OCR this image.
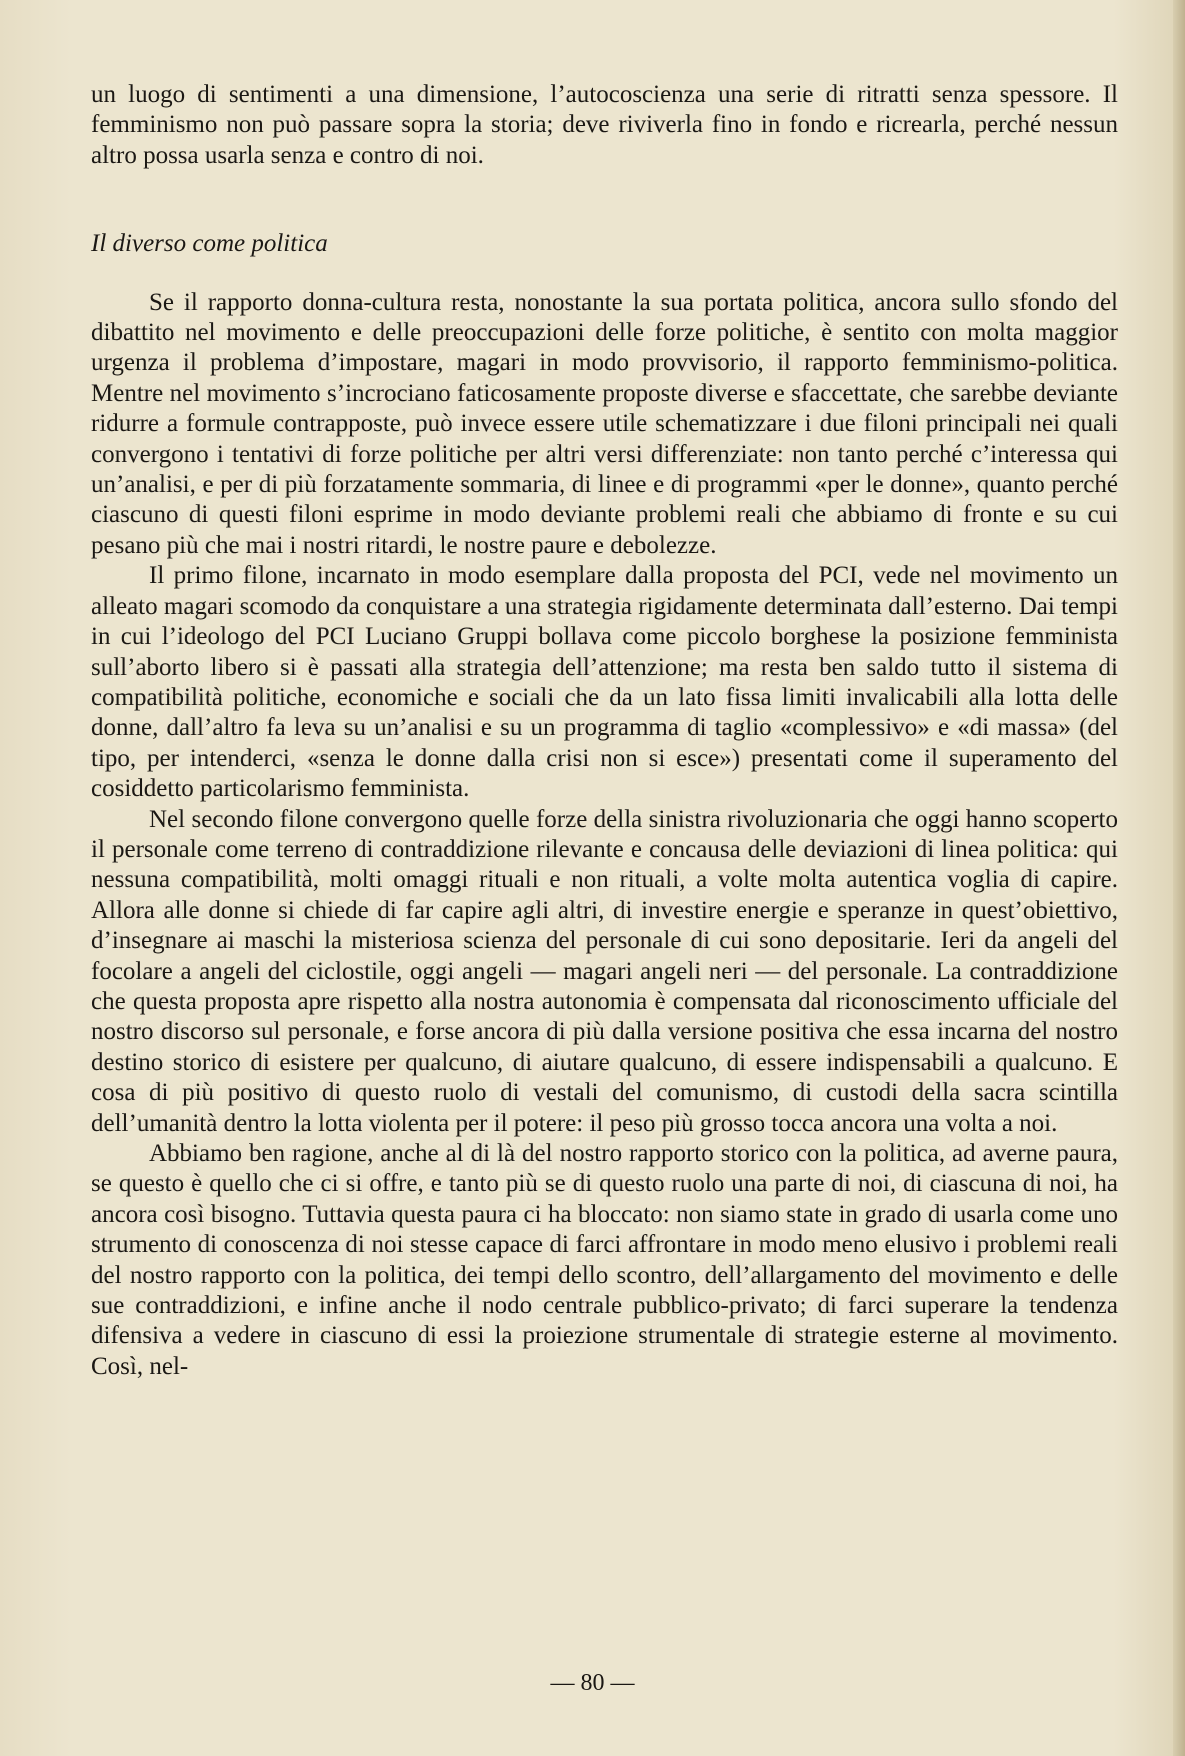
un luogo di sentimenti a una dimensione, l’autocoscienza una serie di ritratti senza spessore. Il femminismo non può passare sopra la storia; deve riviverla fino in fondo e ricrearla, perché nessun altro possa usarla senza e contro di noi.

Il diverso come politica

Se il rapporto donna-cultura resta, nonostante la sua portata politica, ancora sullo sfondo del dibattito nel movimento e delle preoccupazioni delle forze politiche, è sentito con molta maggior urgenza il problema d’impostare, magari in modo provvisorio, il rapporto femminismo-politica. Mentre nel movimento s’incrociano faticosamente proposte diverse e sfaccettate, che sarebbe deviante ridurre a formule contrapposte, può invece essere utile schematizzare i due filoni principali nei quali convergono i tentativi di forze politiche per altri versi differenziate: non tanto perché c’interessa qui un’analisi, e per di più forzatamente sommaria, di linee e di programmi «per le donne», quanto perché ciascuno di questi filoni esprime in modo deviante problemi reali che abbiamo di fronte e su cui pesano più che mai i nostri ritardi, le nostre paure e debolezze.

Il primo filone, incarnato in modo esemplare dalla proposta del PCI, vede nel movimento un alleato magari scomodo da conquistare a una strategia rigidamente determinata dall’esterno. Dai tempi in cui l’ideologo del PCI Luciano Gruppi bollava come piccolo borghese la posizione femminista sull’aborto libero si è passati alla strategia dell’attenzione; ma resta ben saldo tutto il sistema di compatibilità politiche, economiche e sociali che da un lato fissa limiti invalicabili alla lotta delle donne, dall’altro fa leva su un’analisi e su un programma di taglio «complessivo» e «di massa» (del tipo, per intenderci, «senza le donne dalla crisi non si esce») presentati come il superamento del cosiddetto particolarismo femminista.

Nel secondo filone convergono quelle forze della sinistra rivoluzionaria che oggi hanno scoperto il personale come terreno di contraddizione rilevante e concausa delle deviazioni di linea politica: qui nessuna compatibilità, molti omaggi rituali e non rituali, a volte molta autentica voglia di capire. Allora alle donne si chiede di far capire agli altri, di investire energie e speranze in quest’obiettivo, d’insegnare ai maschi la misteriosa scienza del personale di cui sono depositarie. Ieri da angeli del focolare a angeli del ciclostile, oggi angeli — magari angeli neri — del personale. La contraddizione che questa proposta apre rispetto alla nostra autonomia è compensata dal riconoscimento ufficiale del nostro discorso sul personale, e forse ancora di più dalla versione positiva che essa incarna del nostro destino storico di esistere per qualcuno, di aiutare qualcuno, di essere indispensabili a qualcuno. E cosa di più positivo di questo ruolo di vestali del comunismo, di custodi della sacra scintilla dell’umanità dentro la lotta violenta per il potere: il peso più grosso tocca ancora una volta a noi.

Abbiamo ben ragione, anche al di là del nostro rapporto storico con la politica, ad averne paura, se questo è quello che ci si offre, e tanto più se di questo ruolo una parte di noi, di ciascuna di noi, ha ancora così bisogno. Tuttavia questa paura ci ha bloccato: non siamo state in grado di usarla come uno strumento di conoscenza di noi stesse capace di farci affrontare in modo meno elusivo i problemi reali del nostro rapporto con la politica, dei tempi dello scontro, dell’allargamento del movimento e delle sue contraddizioni, e infine anche il nodo centrale pubblico-privato; di farci superare la tendenza difensiva a vedere in ciascuno di essi la proiezione strumentale di strategie esterne al movimento. Così, nel-

— 80 —
